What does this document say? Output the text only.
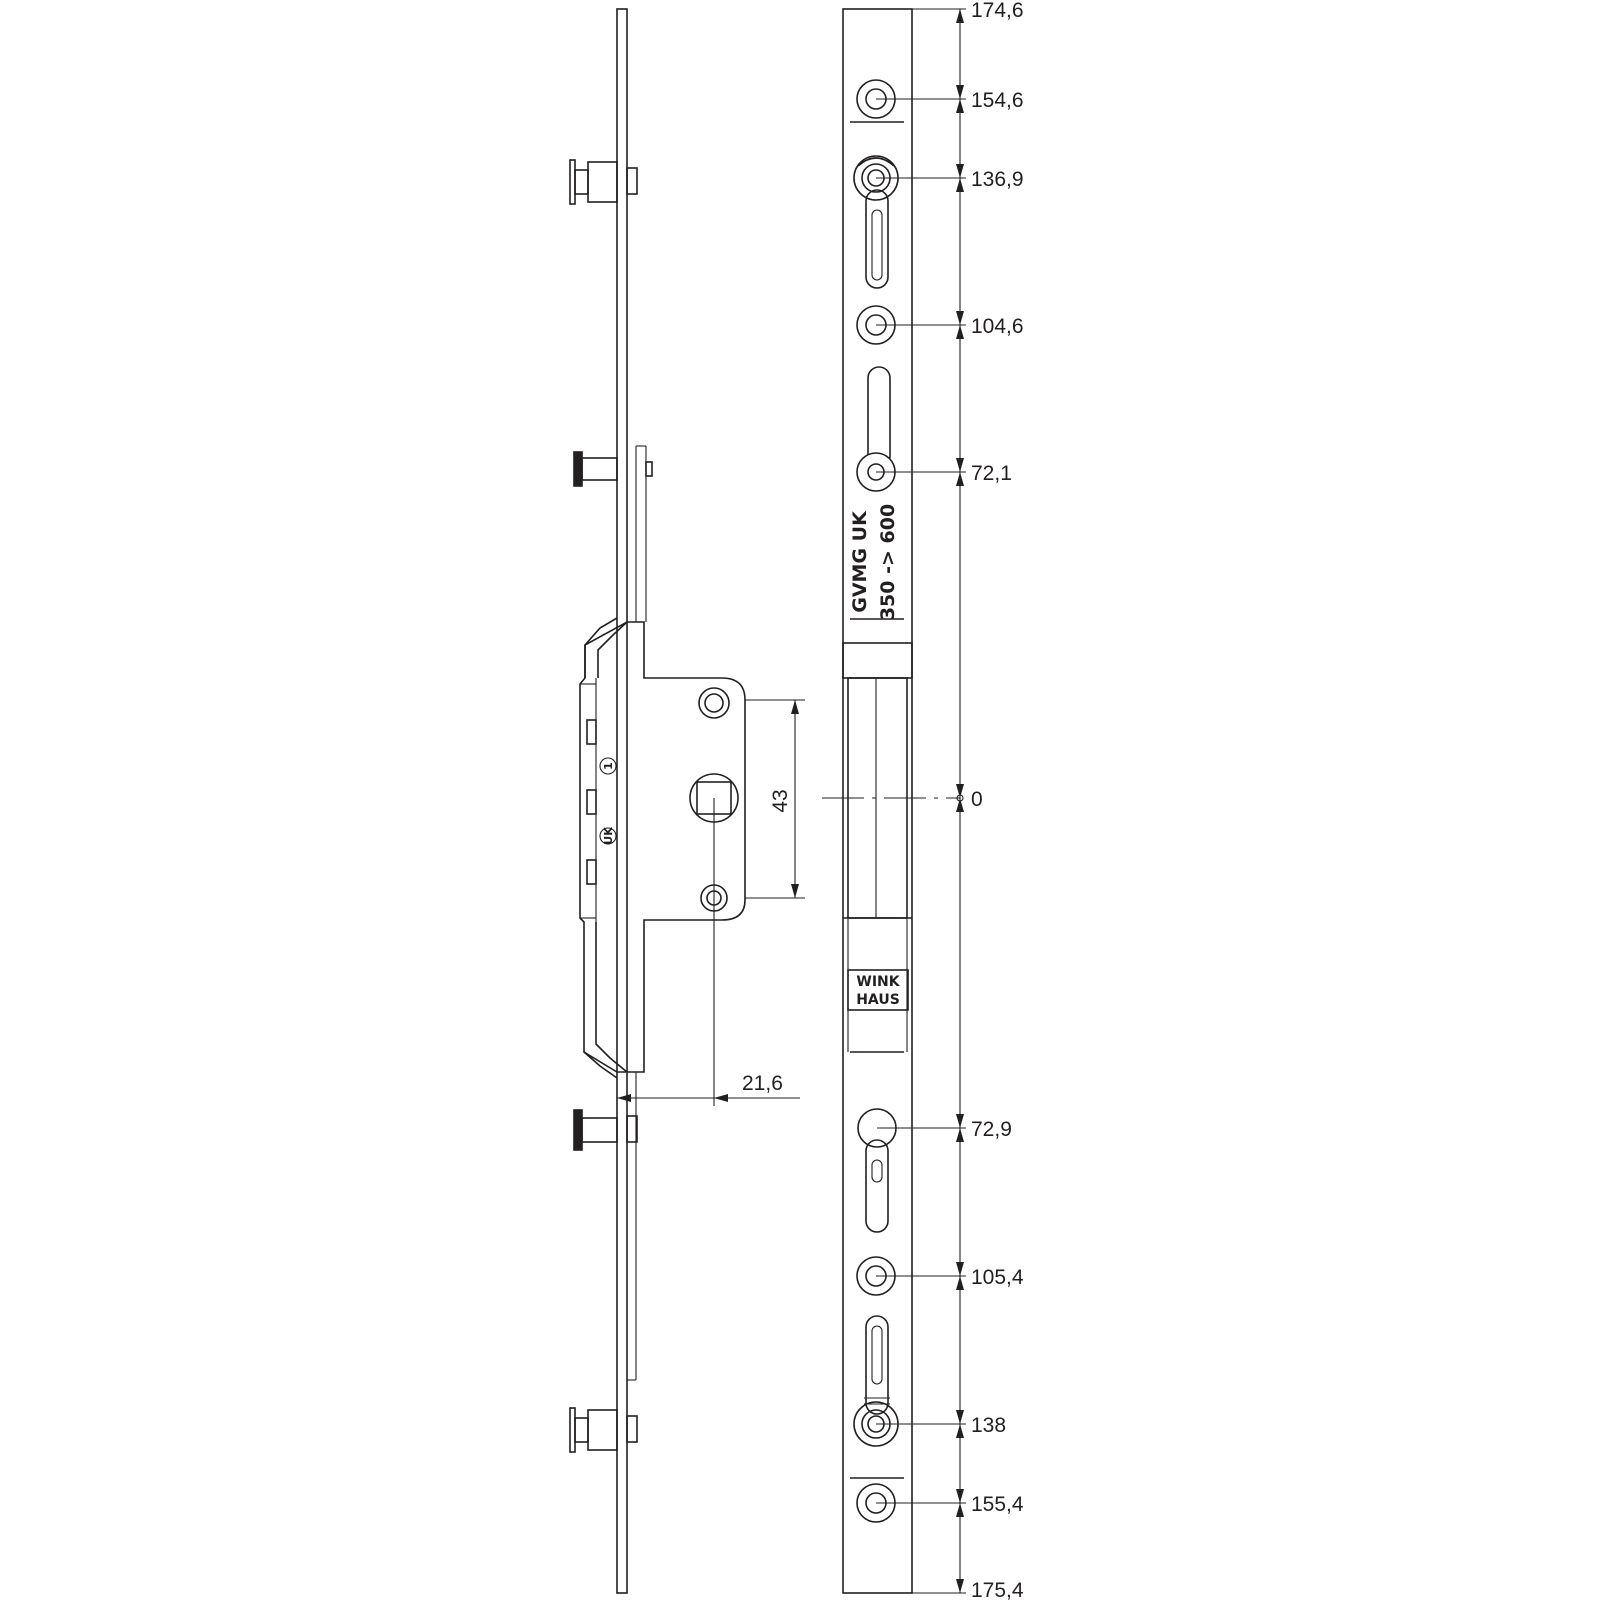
1
UK
43
21,6
GVMG UK 350 -> 600
WINK
HAUS
174,6
154,6
136,9
104,6
72,1
0
72,9
105,4
138
155,4
175,4
